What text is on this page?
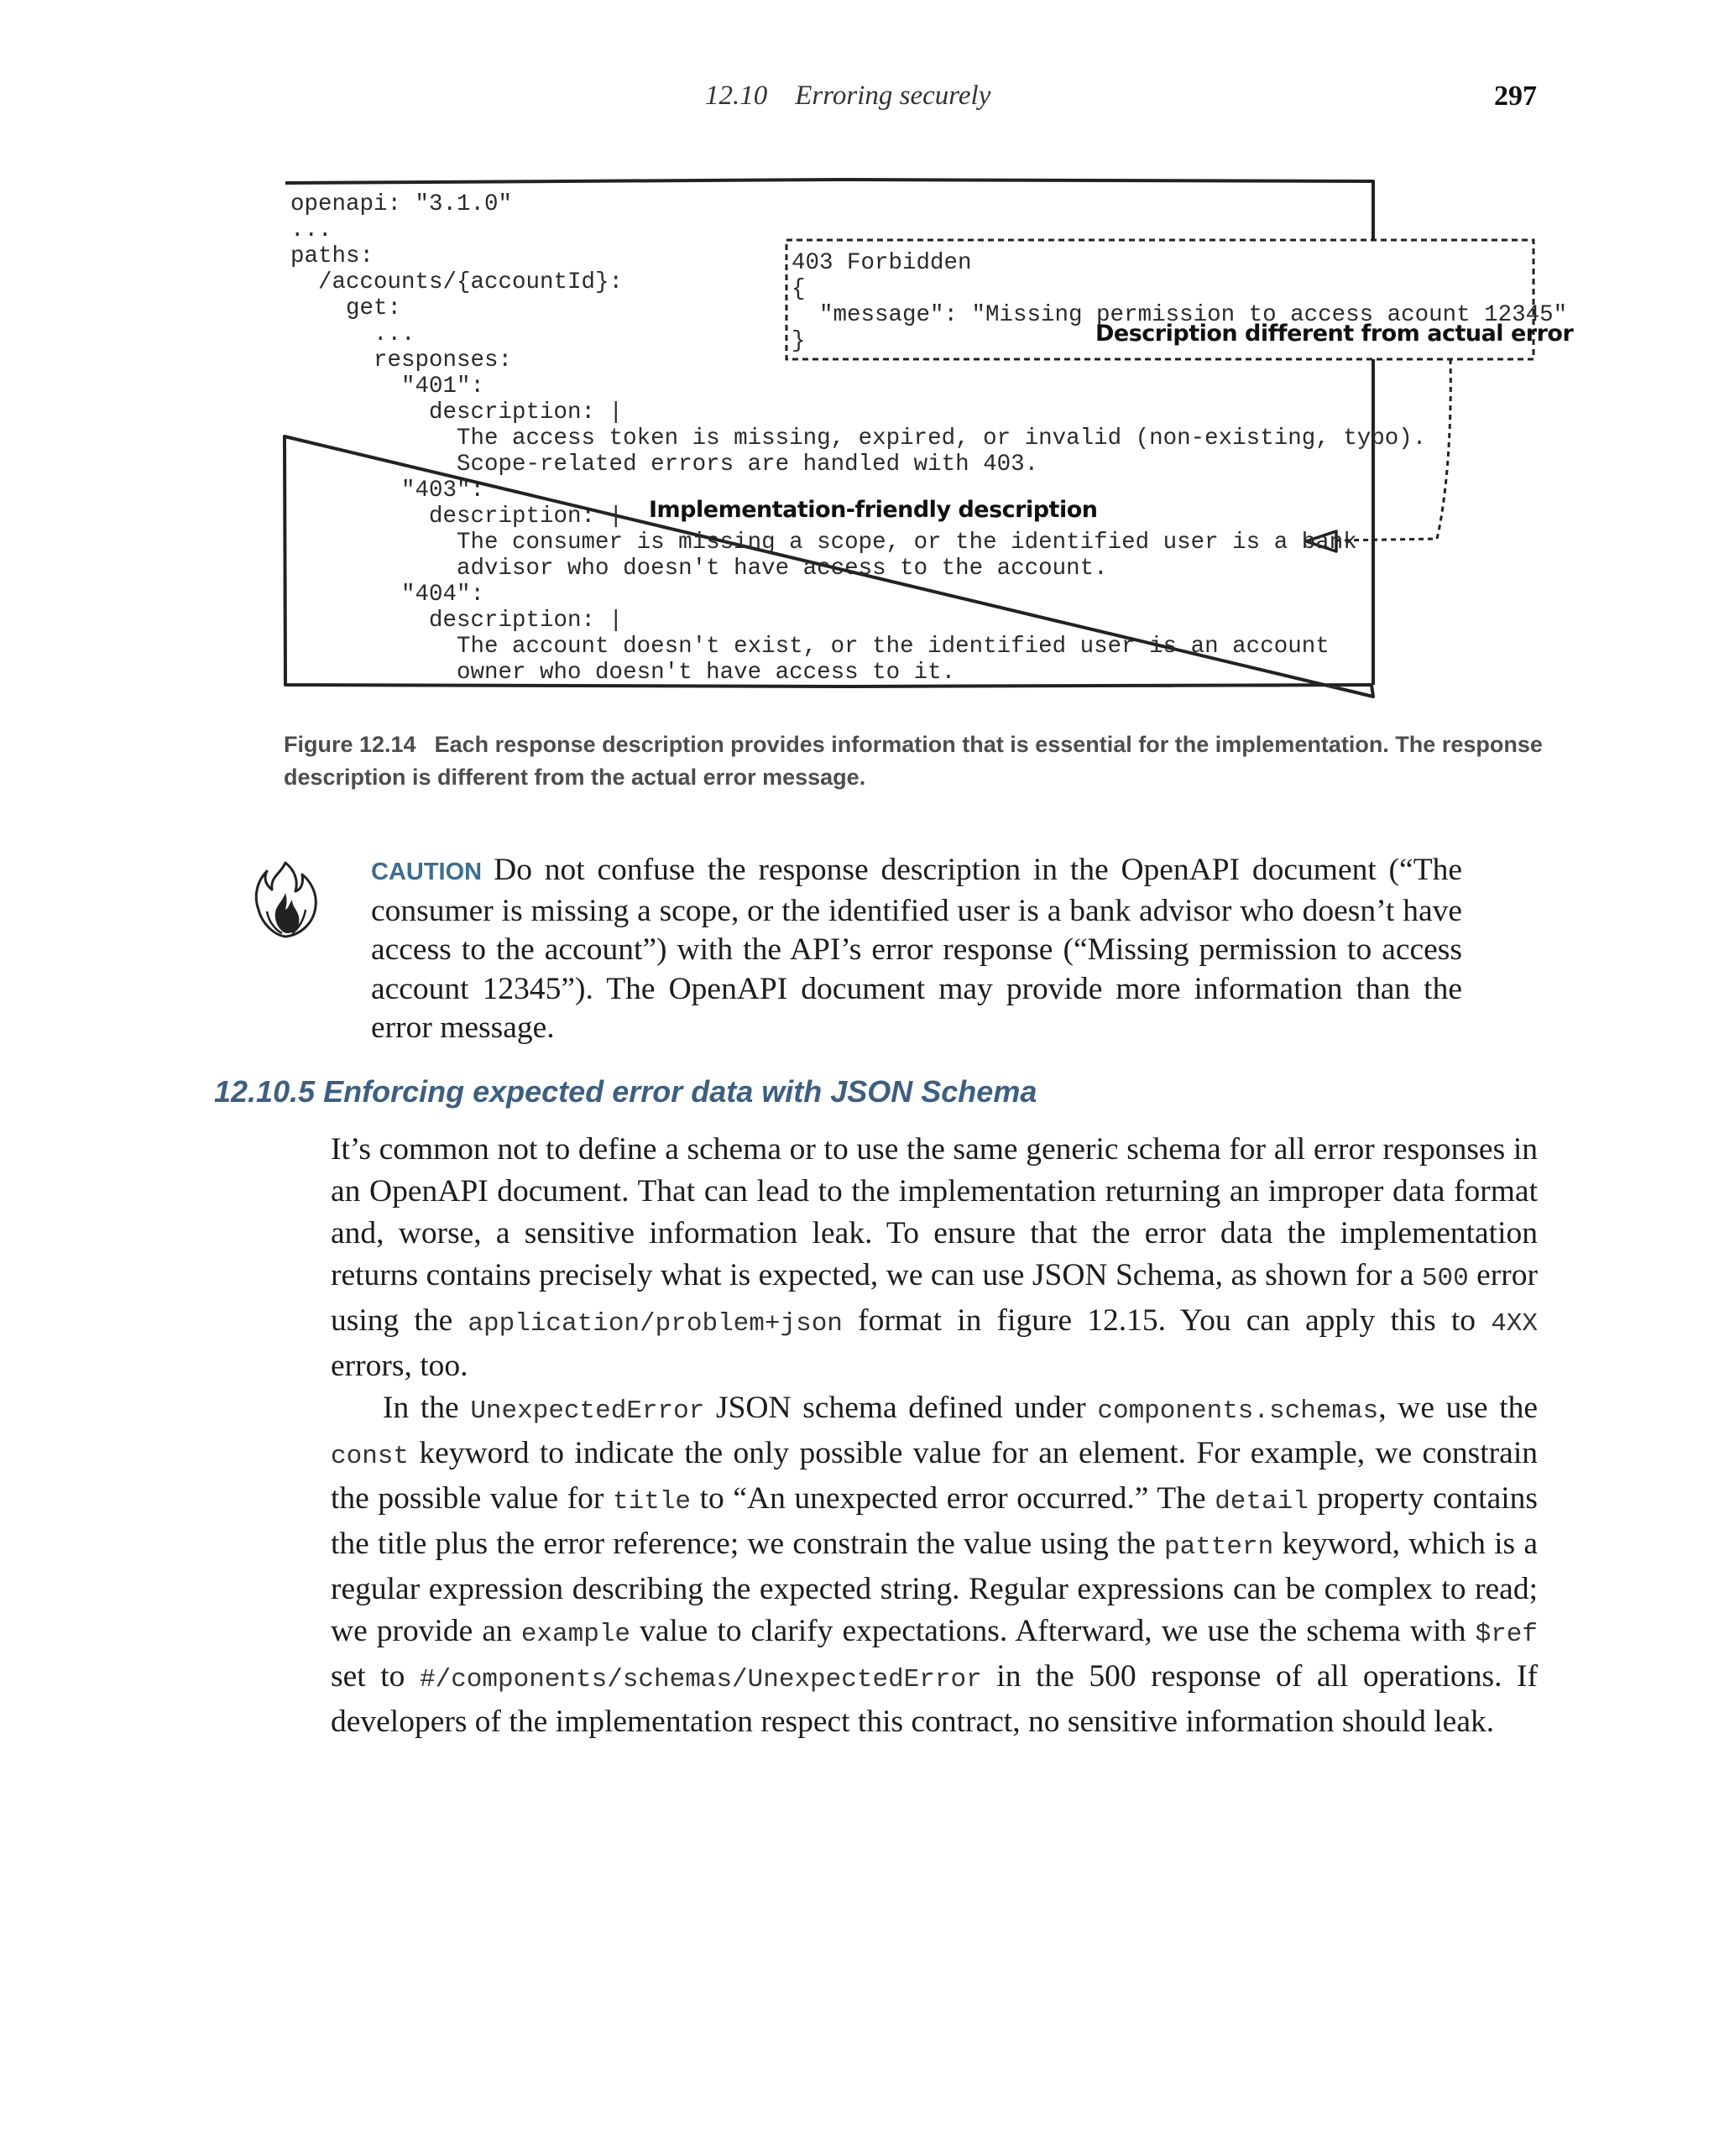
12.10    Erroring securely	297
openapi: "3.1.0"
...
paths:
/accounts/{accountId}:
get:
...
responses:
"401":
description: |
The access token is missing, expired, or invalid (non-existing, typo).
Scope-related errors are handled with 403.
"403":
description: |
The consumer is missing a scope, or the identified user is a bank
advisor who doesn't have access to the account.
"404":
description: |
The account doesn't exist, or the identified user is an account
owner who doesn't have access to it.
403 Forbidden
{
"message": "Missing permission to access acount 12345"
}	Description different from actual error
Implementation-friendly description
Figure 12.14 Each response description provides information that is essential for the implementation. The response description is different from the actual error message.
CAUTION Do not confuse the response description in the OpenAPI document (“The consumer is missing a scope, or the identified user is a bank advisor who doesn’t have access to the account”) with the API’s error response (“Missing permission to access account 12345”). The OpenAPI document may provide more information than the error message.
12.10.5 Enforcing expected error data with JSON Schema

It’s common not to define a schema or to use the same generic schema for all error responses in an OpenAPI document. That can lead to the implementation returning an improper data format and, worse, a sensitive information leak. To ensure that the error data the implementation returns contains precisely what is expected, we can use JSON Schema, as shown for a 500 error using the application/problem+json format in figure 12.15. You can apply this to 4XX errors, too.

In the UnexpectedError JSON schema defined under components.schemas, we use the const keyword to indicate the only possible value for an element. For example, we constrain the possible value for title to “An unexpected error occurred.” The detail property contains the title plus the error reference; we constrain the value using the pattern keyword, which is a regular expression describing the expected string. Regular expressions can be complex to read; we provide an example value to clarify expectations. Afterward, we use the schema with $ref set to #/components/schemas/UnexpectedError in the 500 response of all operations. If developers of the implementation respect this contract, no sensitive information should leak.
